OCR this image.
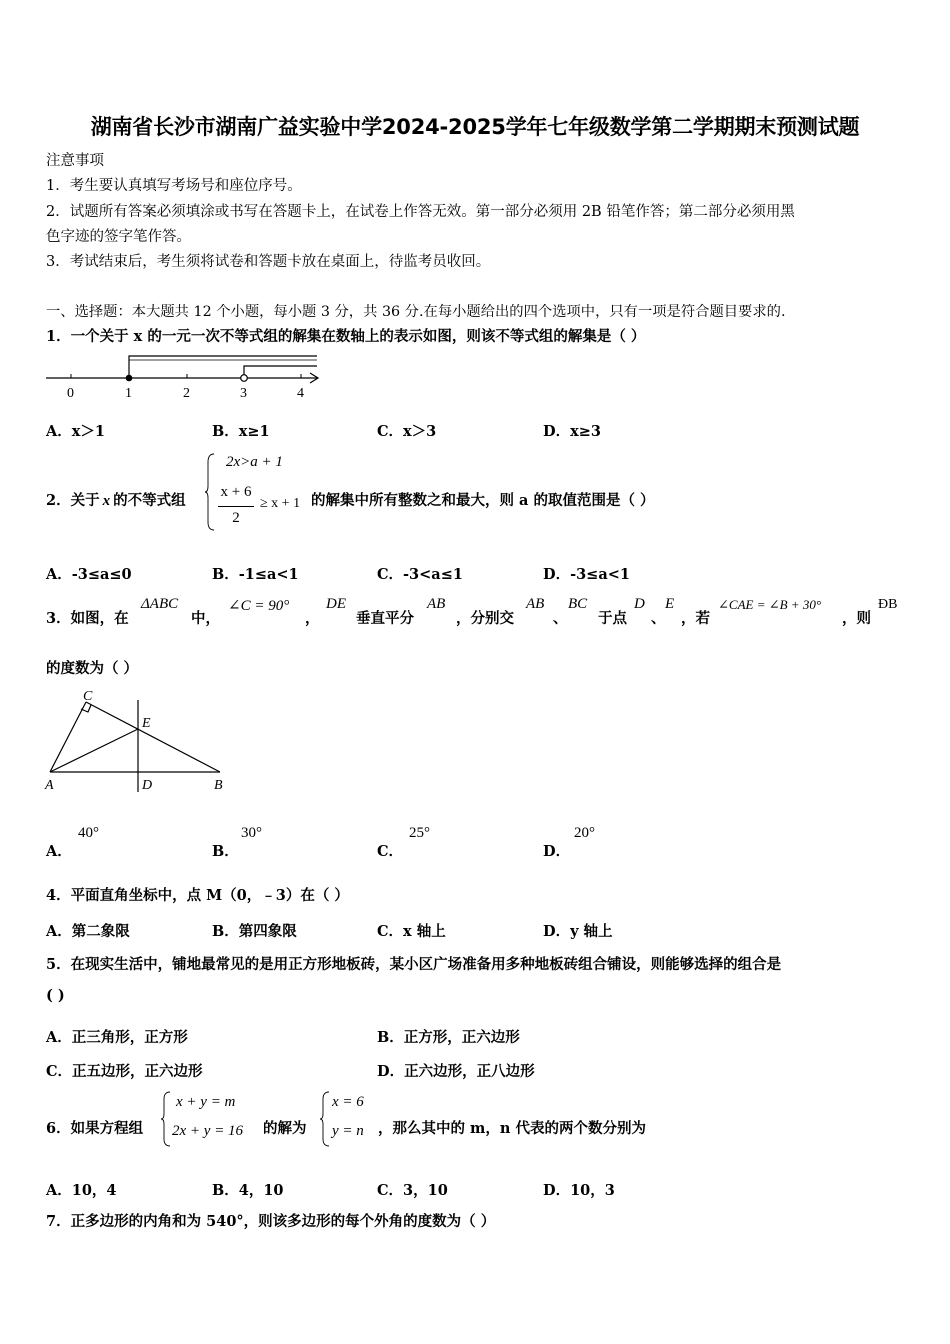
湖南省长沙市湖南广益实验中学2024-2025学年七年级数学第二学期期末预测试题
注意事项
1．考生要认真填写考场号和座位序号。
2．试题所有答案必须填涂或书写在答题卡上，在试卷上作答无效。第一部分必须用 2B 铅笔作答；第二部分必须用黑
色字迹的签字笔作答。
3．考试结束后，考生须将试卷和答题卡放在桌面上，待监考员收回。
一、选择题：本大题共 12 个小题，每小题 3 分，共 36 分.在每小题给出的四个选项中，只有一项是符合题目要求的.
1．一个关于 x 的一元一次不等式组的解集在数轴上的表示如图，则该不等式组的解集是（ ）
0	1	2	3	4
A．x＞1	B．x≥1	C．x＞3	D．x≥3
2．关于 x 的不等式组
2x>a + 1
x + 6
2
≥ x + 1 的解集中所有整数之和最大，则 a 的取值范围是（ ）
A．-3≤a≤0	B．-1≤a<1	C．-3<a≤1	D．-3≤a<1
3．如图，在
ΔABC
中，
∠C = 90°
，
DE
垂直平分
AB
，分别交
AB
、
BC
于点
D
、
E
，若
∠CAE = ∠B + 30°
，则
ÐB
的度数为（ ）
C
E
A	D	B
A．
40°
B．
30°
C．
25°
D．
20°
4．平面直角坐标中，点 M（0，﹣3）在（ ）
A．第二象限	B．第四象限	C．x 轴上	D．y 轴上
5．在现实生活中，铺地最常见的是用正方形地板砖，某小区广场准备用多种地板砖组合铺设，则能够选择的组合是
( )
A．正三角形，正方形	B．正方形，正六边形
C．正五边形，正六边形	D．正六边形，正八边形
6．如果方程组
x + y = m
2x + y = 16 的解为
x = 6
y = n ，那么其中的 m，n 代表的两个数分别为
A．10，4	B．4，10	C．3，10	D．10，3
7．正多边形的内角和为 540°，则该多边形的每个外角的度数为（ ）
